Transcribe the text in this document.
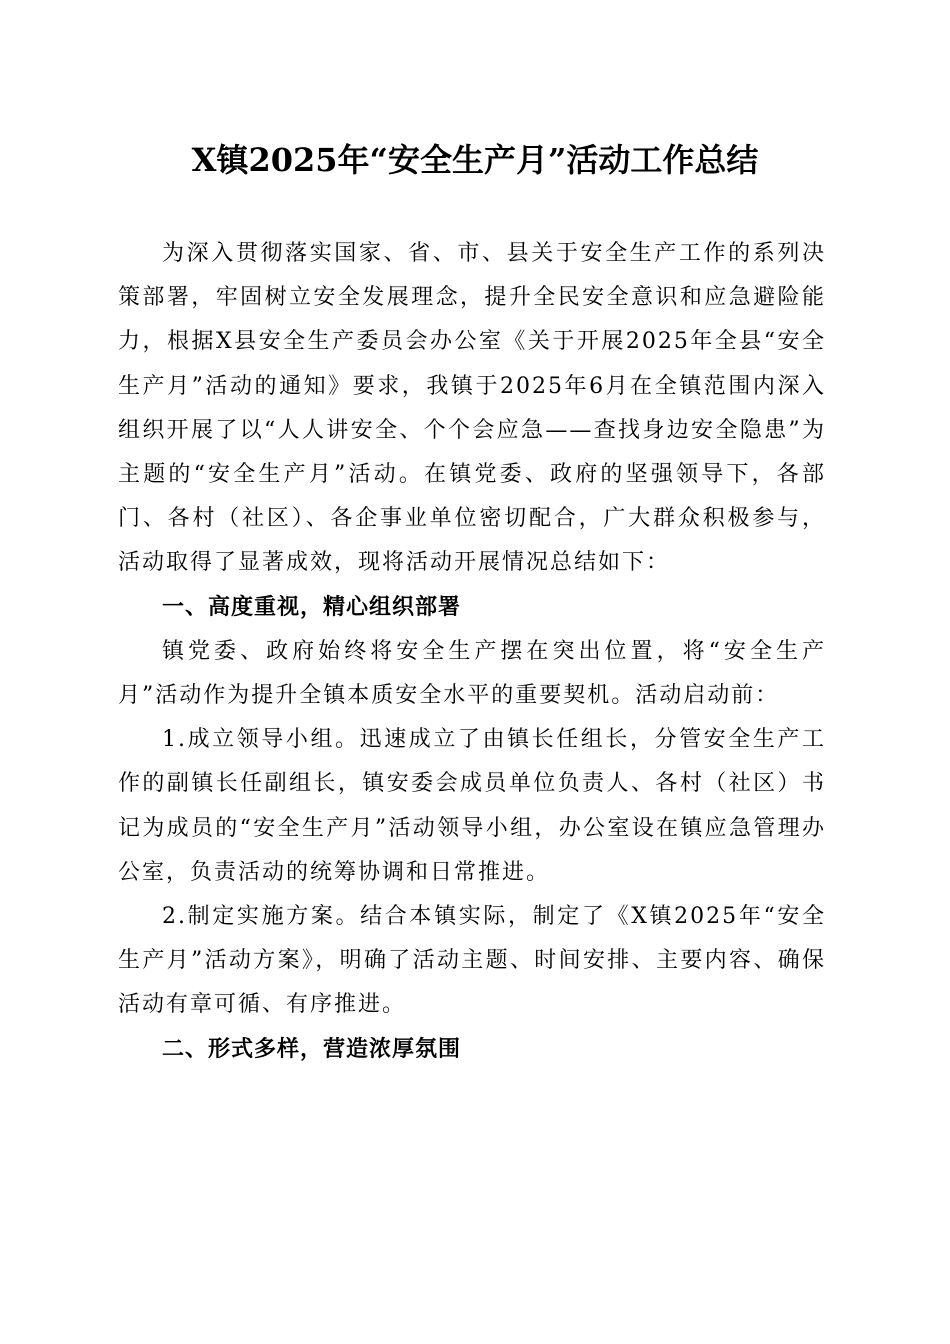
X镇2025年“安全生产月”活动工作总结

为深入贯彻落实国家、省、市、县关于安全生产工作的系列决策部署，牢固树立安全发展理念，提升全民安全意识和应急避险能力，根据X县安全生产委员会办公室《关于开展2025年全县“安全生产月”活动的通知》要求，我镇于2025年6月在全镇范围内深入组织开展了以“人人讲安全、个个会应急——查找身边安全隐患”为主题的“安全生产月”活动。在镇党委、政府的坚强领导下，各部门、各村（社区）、各企事业单位密切配合，广大群众积极参与，活动取得了显著成效，现将活动开展情况总结如下：

一、高度重视，精心组织部署

镇党委、政府始终将安全生产摆在突出位置，将“安全生产月”活动作为提升全镇本质安全水平的重要契机。活动启动前：

1.成立领导小组。迅速成立了由镇长任组长，分管安全生产工作的副镇长任副组长，镇安委会成员单位负责人、各村（社区）书记为成员的“安全生产月”活动领导小组，办公室设在镇应急管理办公室，负责活动的统筹协调和日常推进。

2.制定实施方案。结合本镇实际，制定了《X镇2025年“安全生产月”活动方案》，明确了活动主题、时间安排、主要内容、确保活动有章可循、有序推进。

二、形式多样，营造浓厚氛围
